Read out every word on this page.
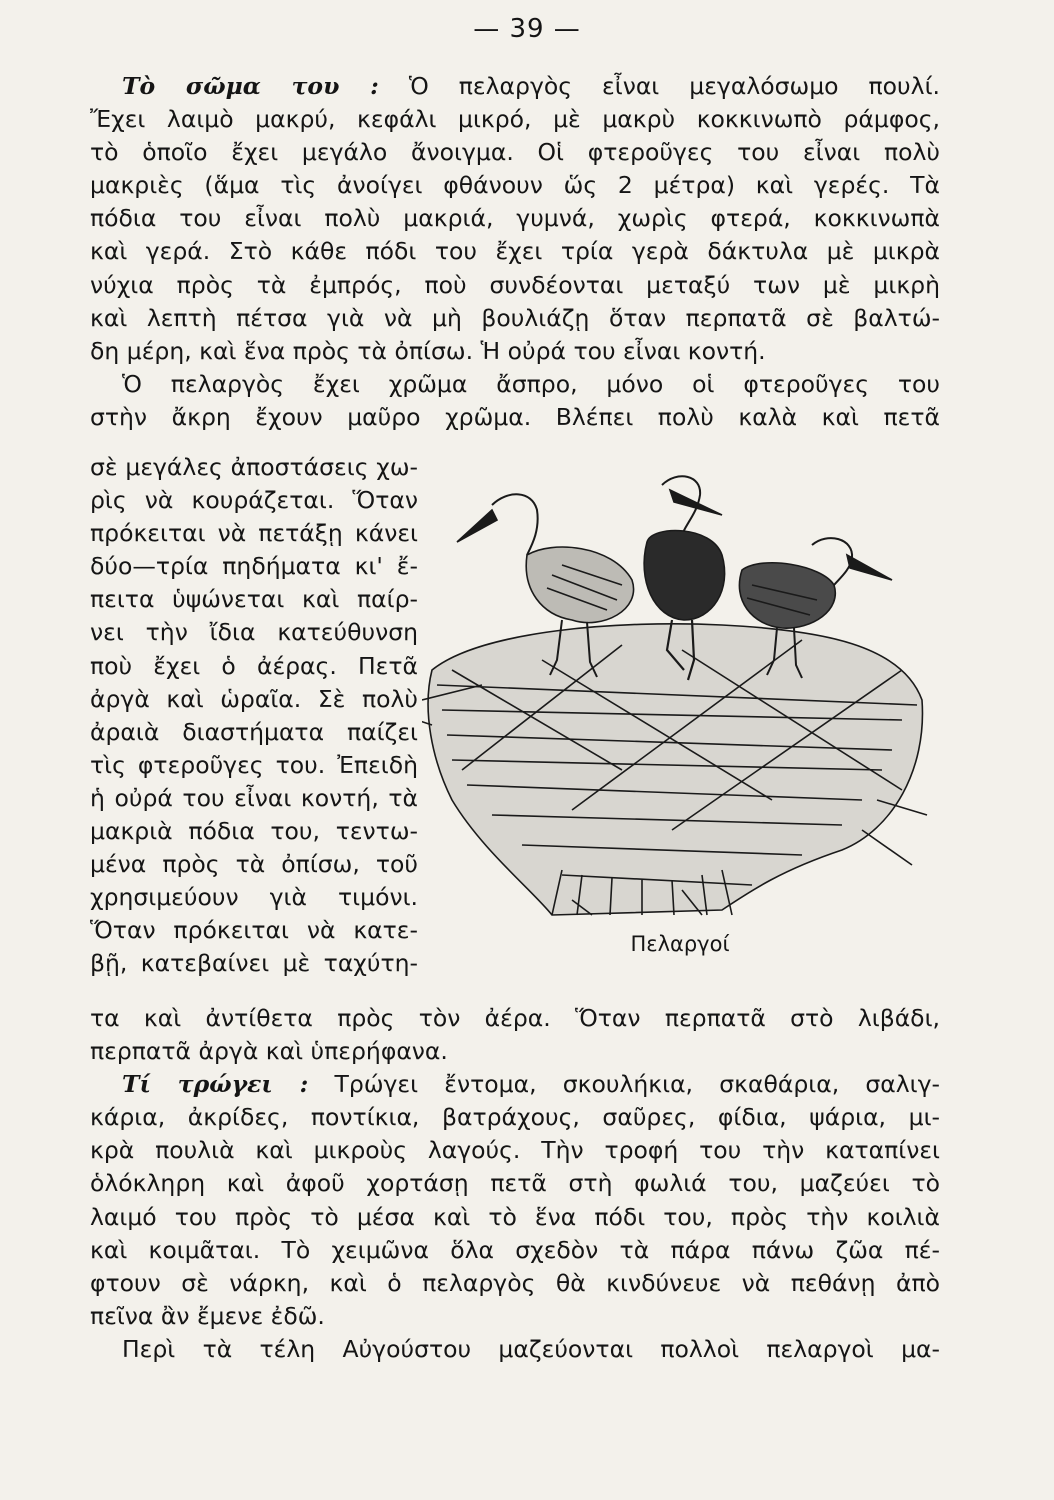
— 39 —
Τὸ σῶμα του : Ὁ πελαργὸς εἶναι μεγαλόσωμο πουλί.
Ἔχει λαιμὸ μακρύ, κεφάλι μικρό, μὲ μακρὺ κοκκινωπὸ ράμφος,
τὸ ὁποῖο ἔχει μεγάλο ἄνοιγμα. Οἱ φτεροῦγες του εἶναι πολὺ
μακριὲς (ἅμα τὶς ἀνοίγει φθάνουν ὥς 2 μέτρα) καὶ γερές. Τὰ
πόδια του εἶναι πολὺ μακριά, γυμνά, χωρὶς φτερά, κοκκινωπὰ
καὶ γερά. Στὸ κάθε πόδι του ἔχει τρία γερὰ δάκτυλα μὲ μικρὰ
νύχια πρὸς τὰ ἐμπρός, ποὺ συνδέονται μεταξύ των μὲ μικρὴ
καὶ λεπτὴ πέτσα γιὰ νὰ μὴ βουλιάζῃ ὅταν περπατᾶ σὲ βαλτώ-
δη μέρη, καὶ ἕνα πρὸς τὰ ὀπίσω. Ἡ οὐρά του εἶναι κοντή.
Ὁ πελαργὸς ἔχει χρῶμα ἄσπρο, μόνο οἱ φτεροῦγες του
στὴν ἄκρη ἔχουν μαῦρο χρῶμα. Βλέπει πολὺ καλὰ καὶ πετᾶ
σὲ μεγάλες ἀποστάσεις χω-
ρὶς νὰ κουράζεται. Ὅταν
πρόκειται νὰ πετάξῃ κάνει
δύο—τρία πηδήματα κι' ἔ-
πειτα ὑψώνεται καὶ παίρ-
νει τὴν ἴδια κατεύθυνση
ποὺ ἔχει ὁ ἀέρας. Πετᾶ
ἀργὰ καὶ ὡραῖα. Σὲ πολὺ
ἀραιὰ διαστήματα παίζει
τὶς φτεροῦγες του. Ἐπειδὴ
ἡ οὐρά του εἶναι κοντή, τὰ
μακριὰ πόδια του, τεντω-
μένα πρὸς τὰ ὀπίσω, τοῦ
χρησιμεύουν γιὰ τιμόνι.
Ὅταν πρόκειται νὰ κατε-
βῇ, κατεβαίνει μὲ ταχύτη-
Πελαργοί
τα καὶ ἀντίθετα πρὸς τὸν ἀέρα. Ὅταν περπατᾶ στὸ λιβάδι,
περπατᾶ ἀργὰ καὶ ὑπερήφανα.
Τί τρώγει : Τρώγει ἔντομα, σκουλήκια, σκαθάρια, σαλιγ-
κάρια, ἀκρίδες, ποντίκια, βατράχους, σαῦρες, φίδια, ψάρια, μι-
κρὰ πουλιὰ καὶ μικροὺς λαγούς. Τὴν τροφή του τὴν καταπίνει
ὁλόκληρη καὶ ἀφοῦ χορτάσῃ πετᾶ στὴ φωλιά του, μαζεύει τὸ
λαιμό του πρὸς τὸ μέσα καὶ τὸ ἕνα πόδι του, πρὸς τὴν κοιλιὰ
καὶ κοιμᾶται. Τὸ χειμῶνα ὅλα σχεδὸν τὰ πάρα πάνω ζῶα πέ-
φτουν σὲ νάρκη, καὶ ὁ πελαργὸς θὰ κινδύνευε νὰ πεθάνῃ ἀπὸ
πεῖνα ἂν ἔμενε ἐδῶ.
Περὶ τὰ τέλη Αὐγούστου μαζεύονται πολλοὶ πελαργοὶ μα-
